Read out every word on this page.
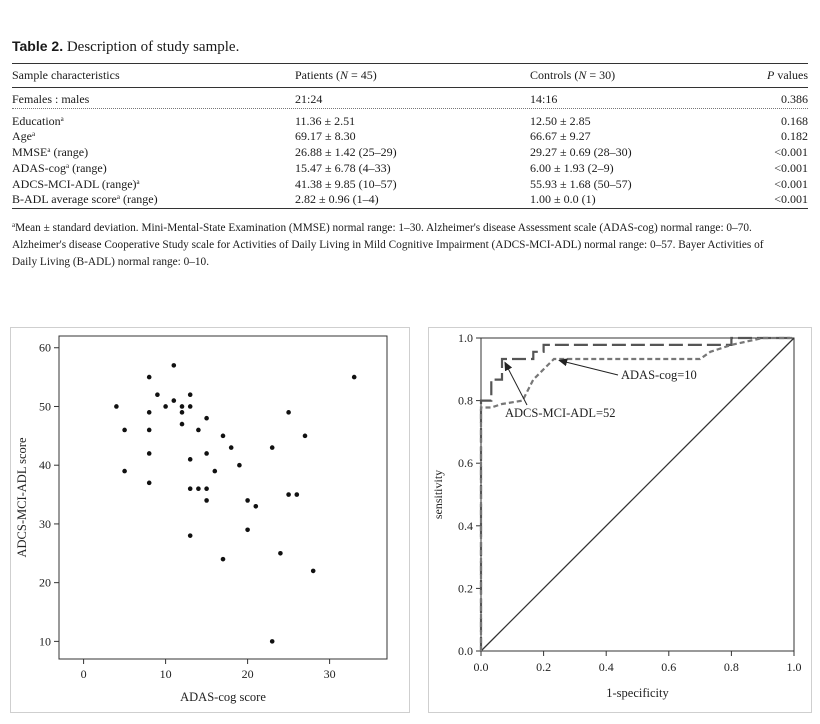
Table 2. Description of study sample.
Sample characteristics	Patients (N = 45)	Controls (N = 30)	P values
Females : males	21:24	14:16	0.386
Education$^a$	11.36 ± 2.51	12.50 ± 2.85	0.168
Age$^a$	69.17 ± 8.30	66.67 ± 9.27	0.182
MMSE$^a$ (range)	26.88 ± 1.42 (25–29)	29.27 ± 0.69 (28–30)	<0.001
ADAS-cog$^a$ (range)	15.47 ± 6.78 (4–33)	6.00 ± 1.93 (2–9)	<0.001
ADCS-MCI-ADL (range)$^a$	41.38 ± 9.85 (10–57)	55.93 ± 1.68 (50–57)	<0.001
B-ADL average score$^a$ (range)	2.82 ± 0.96 (1–4)	1.00 ± 0.0 (1)	<0.001
$^a$Mean ± standard deviation. Mini-Mental-State Examination (MMSE) normal range: 1–30. Alzheimer's disease Assessment scale (ADAS-cog) normal range: 0–70.
Alzheimer's disease Cooperative Study scale for Activities of Daily Living in Mild Cognitive Impairment (ADCS-MCI-ADL) normal range: 0–57. Bayer Activities of
Daily Living (B-ADL) normal range: 0–10.
10
20
30
40
50
60
0	10	20	30
ADAS-cog score
ADCS-MCI-ADL score
0.0
0.2
0.4
0.6
0.8
1.0
0.0	0.2	0.4	0.6	0.8	1.0
ADAS-cog=10
ADCS-MCI-ADL=52
1-specificity
sensitivity
